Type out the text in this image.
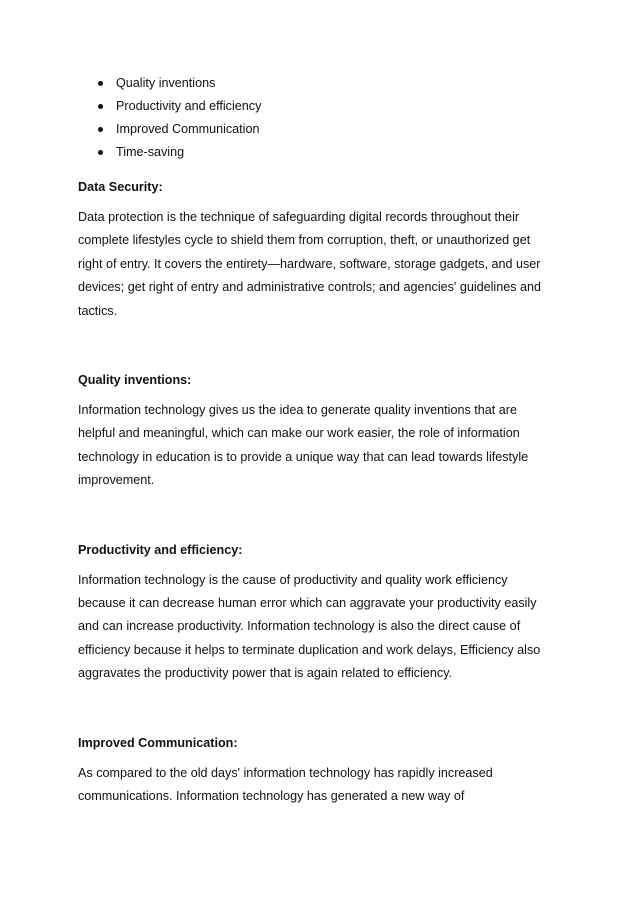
Quality inventions
Productivity and efficiency
Improved Communication
Time-saving
Data Security:

Data protection is the technique of safeguarding digital records throughout their
complete lifestyles cycle to shield them from corruption, theft, or unauthorized get
right of entry. It covers the entirety—hardware, software, storage gadgets, and user
devices; get right of entry and administrative controls; and agencies' guidelines and
tactics.

Quality inventions:

Information technology gives us the idea to generate quality inventions that are
helpful and meaningful, which can make our work easier, the role of information
technology in education is to provide a unique way that can lead towards lifestyle
improvement.

Productivity and efficiency:

Information technology is the cause of productivity and quality work efficiency
because it can decrease human error which can aggravate your productivity easily
and can increase productivity. Information technology is also the direct cause of
efficiency because it helps to terminate duplication and work delays, Efficiency also
aggravates the productivity power that is again related to efficiency.

Improved Communication:

As compared to the old days' information technology has rapidly increased
communications. Information technology has generated a new way of
